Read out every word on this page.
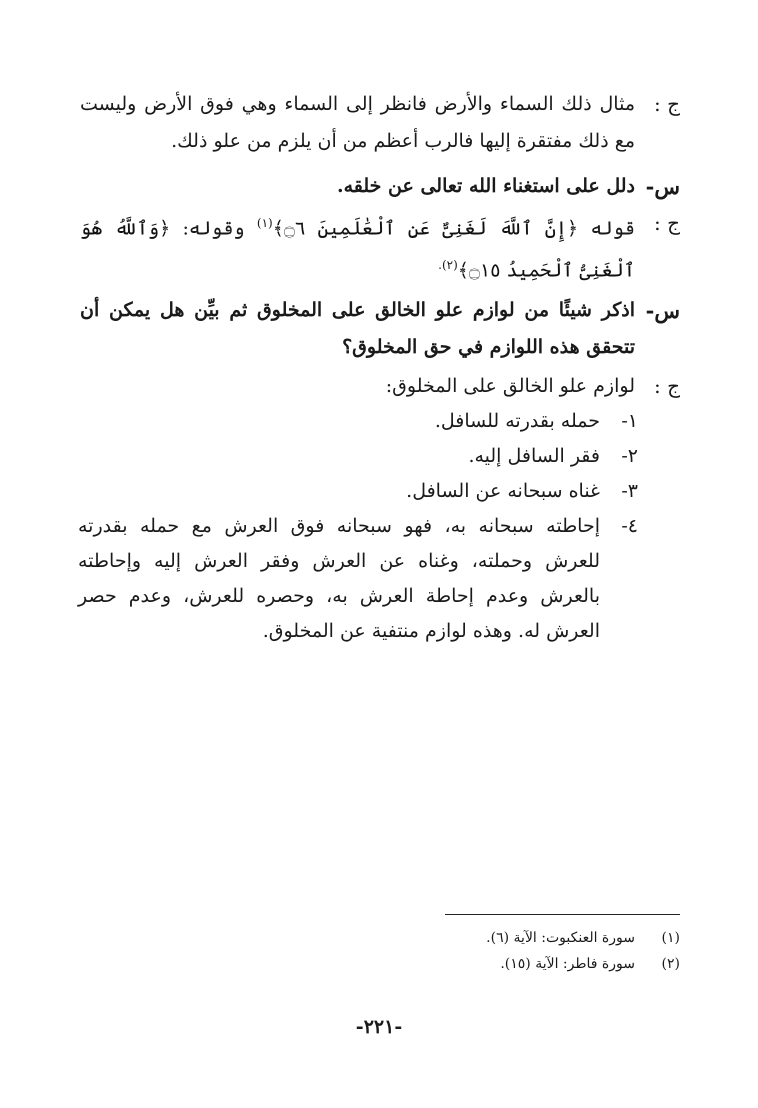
ج :
مثال ذلك السماء والأرض فانظر إلى السماء وهي فوق الأرض وليست مع ذلك مفتقرة إليها فالرب أعظم من أن يلزم من علو ذلك.
س-
دلل على استغناء الله تعالى عن خلقه.
ج :
قوله ﴿إِنَّ ٱللَّهَ لَغَنِىٌّ عَنِ ٱلْعَٰلَمِينَ ۝٦﴾$^{(١)}$ وقوله: ﴿وَٱللَّهُ هُوَ ٱلْغَنِىُّ ٱلْحَمِيدُ ۝١٥﴾$^{(٢).}$
س-
اذكر شيئًا من لوازم علو الخالق على المخلوق ثم بيِّن هل يمكن أن تتحقق هذه اللوازم في حق المخلوق؟
ج :
لوازم علو الخالق على المخلوق:
١-
حمله بقدرته للسافل.
٢-
فقر السافل إليه.
٣-
غناه سبحانه عن السافل.
٤-
إحاطته سبحانه به، فهو سبحانه فوق العرش مع حمله بقدرته للعرش وحملته، وغناه عن العرش وفقر العرش إليه وإحاطته بالعرش وعدم إحاطة العرش به، وحصره للعرش، وعدم حصر العرش له. وهذه لوازم منتفية عن المخلوق.
(١)
سورة العنكبوت: الآية (٦).
(٢)
سورة فاطر: الآية (١٥).
-٢٢١-
